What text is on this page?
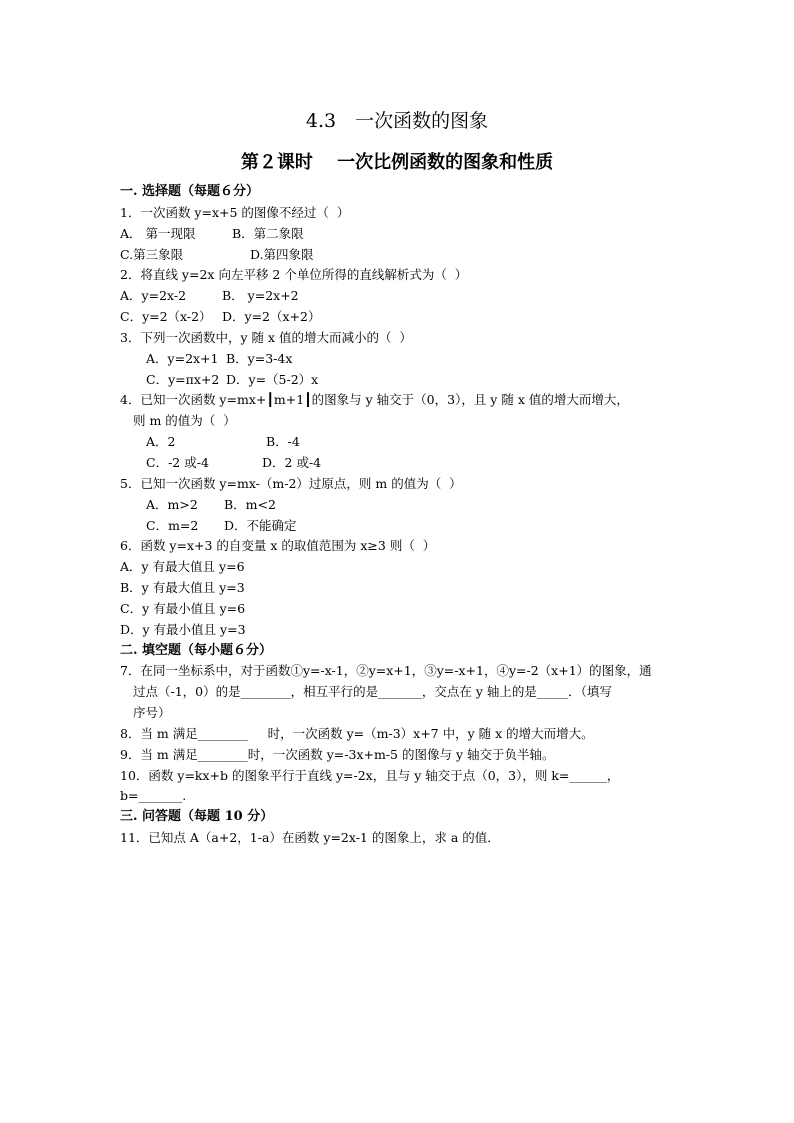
4.3　一次函数的图象
第２课时　 一次比例函数的图象和性质
一. 选择题（每题６分）
1．一次函数 y=x+5 的图像不经过（  ）
A． 第一现限	B．第二象限
C.第三象限	D.第四象限
2．将直线 y=2x 向左平移 2 个单位所得的直线解析式为（  ）
A．y=2x-2	B． y=2x+2
C．y=2（x-2） D．y=2（x+2）
3．下列一次函数中，y 随 x 值的增大而减小的（  ）
A．y=2x+1 B．y=3-4x
C．y=πx+2 D．y=（5-2）x
4．已知一次函数 y=mx+┃m+1┃的图象与 y 轴交于（0，3），且 y 随 x 值的增大而增大，
则 m 的值为（  ）
A．2	B．-4
C．-2 或-4	D．2 或-4
5．已知一次函数 y=mx-（m-2）过原点，则 m 的值为（  ）
A．m>2 B．m<2
C．m=2 D．不能确定
6．函数 y=x+3 的自变量 x 的取值范围为 x≥3 则（  ）
A．y 有最大值且 y=6
B．y 有最大值且 y=3
C．y 有最小值且 y=6
D．y 有最小值且 y=3
二. 填空题（每小题６分）
7．在同一坐标系中，对于函数①y=-x-1，②y=x+1，③y=-x+1，④y=-2（x+1）的图象，通
过点（-1，0）的是________，相互平行的是_______，交点在 y 轴上的是_____．（填写
序号）
8．当 m 满足________     时，一次函数 y=（m-3）x+7 中，y 随 x 的增大而增大。
9．当 m 满足________时，一次函数 y=-3x+m-5 的图像与 y 轴交于负半轴。
10．函数 y=kx+b 的图象平行于直线 y=-2x，且与 y 轴交于点（0，3），则 k=______，
b=_______.
三. 问答题（每题 10 分）
11．已知点 A（a+2，1-a）在函数 y=2x-1 的图象上，求 a 的值．
